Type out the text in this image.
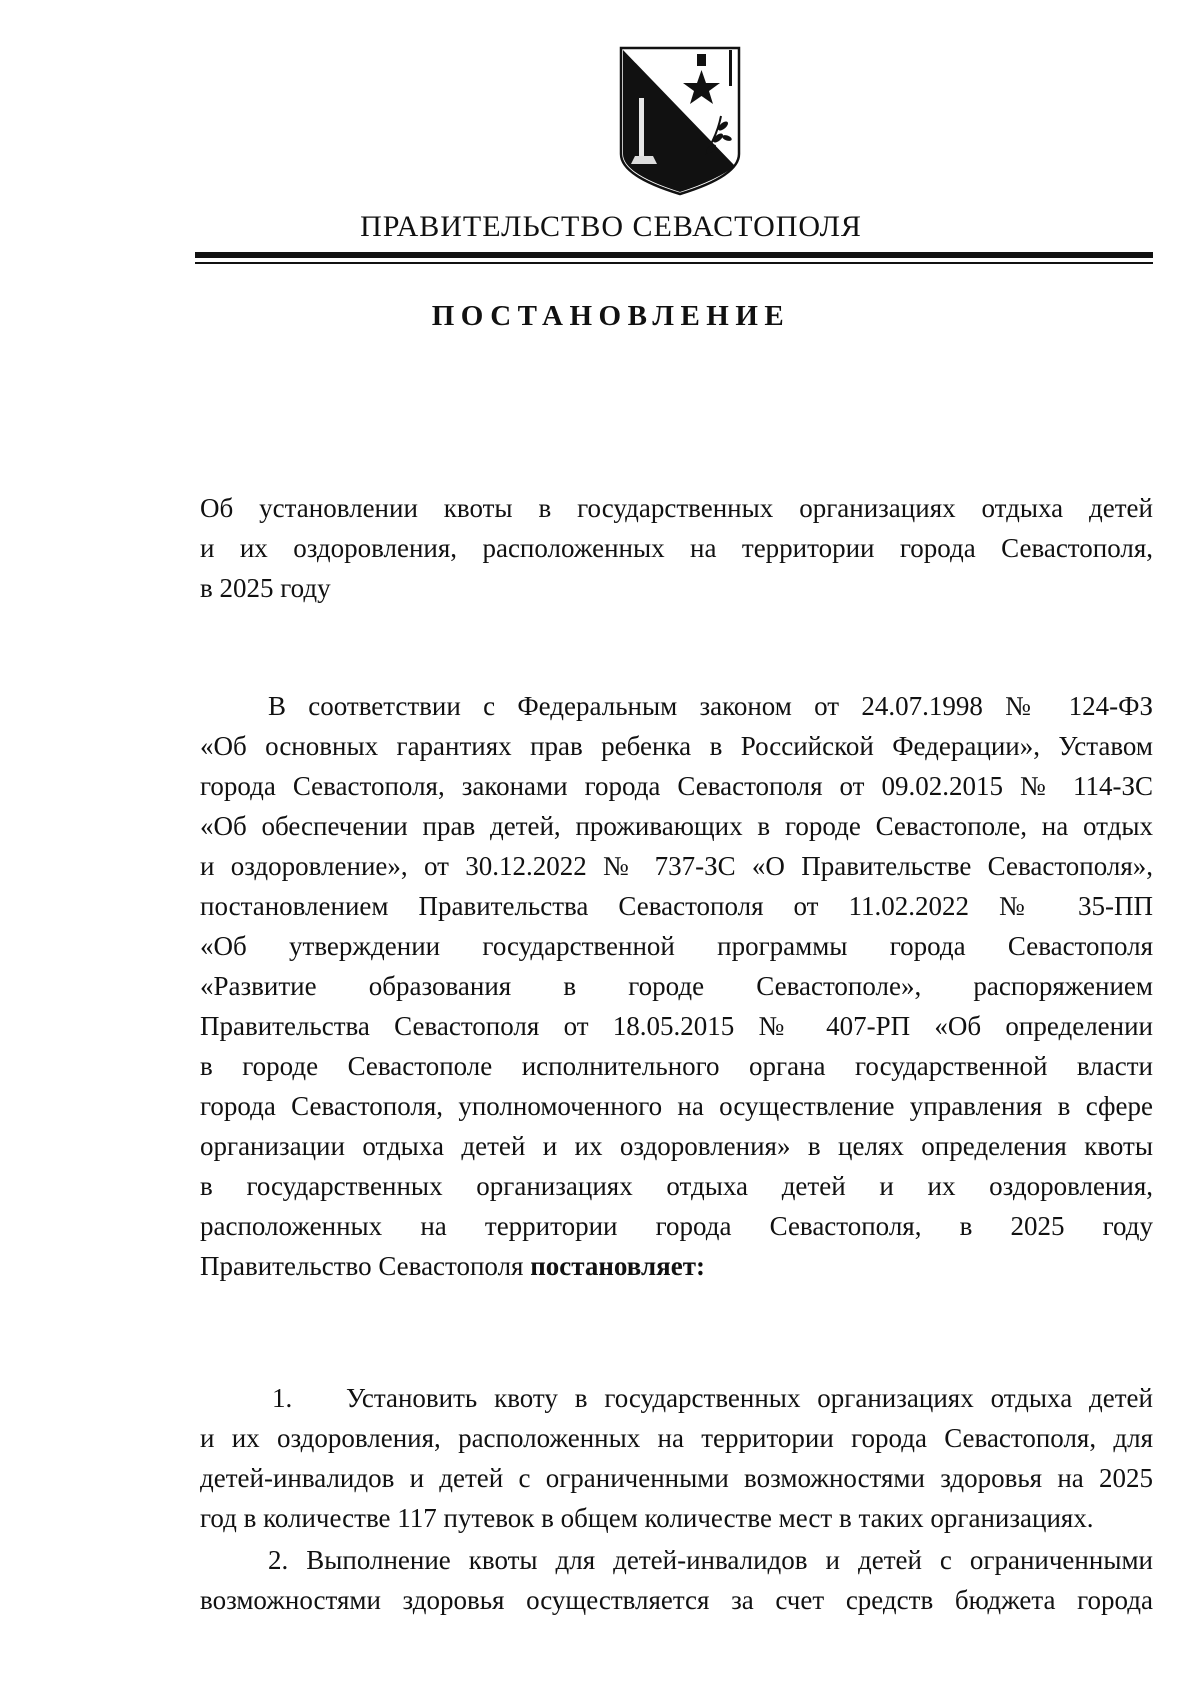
ПРАВИТЕЛЬСТВО СЕВАСТОПОЛЯ
ПОСТАНОВЛЕНИЕ
Об установлении квоты в государственных организациях отдыха детей
и их оздоровления, расположенных на территории города Севастополя,
в 2025 году
В соответствии с Федеральным законом от 24.07.1998 № 124-ФЗ
«Об основных гарантиях прав ребенка в Российской Федерации», Уставом
города Севастополя, законами города Севастополя от 09.02.2015 № 114-ЗС
«Об обеспечении прав детей, проживающих в городе Севастополе, на отдых
и оздоровление», от 30.12.2022 № 737-ЗС «О Правительстве Севастополя»,
постановлением Правительства Севастополя от 11.02.2022 № 35-ПП
«Об утверждении государственной программы города Севастополя
«Развитие образования в городе Севастополе», распоряжением
Правительства Севастополя от 18.05.2015 № 407-РП «Об определении
в городе Севастополе исполнительного органа государственной власти
города Севастополя, уполномоченного на осуществление управления в сфере
организации отдыха детей и их оздоровления» в целях определения квоты
в государственных организациях отдыха детей и их оздоровления,
расположенных на территории города Севастополя, в 2025 году
Правительство Севастополя постановляет:
1. Установить квоту в государственных организациях отдыха детей
и их оздоровления, расположенных на территории города Севастополя, для
детей-инвалидов и детей с ограниченными возможностями здоровья на 2025
год в количестве 117 путевок в общем количестве мест в таких организациях.
2. Выполнение квоты для детей-инвалидов и детей с ограниченными
возможностями здоровья осуществляется за счет средств бюджета города
